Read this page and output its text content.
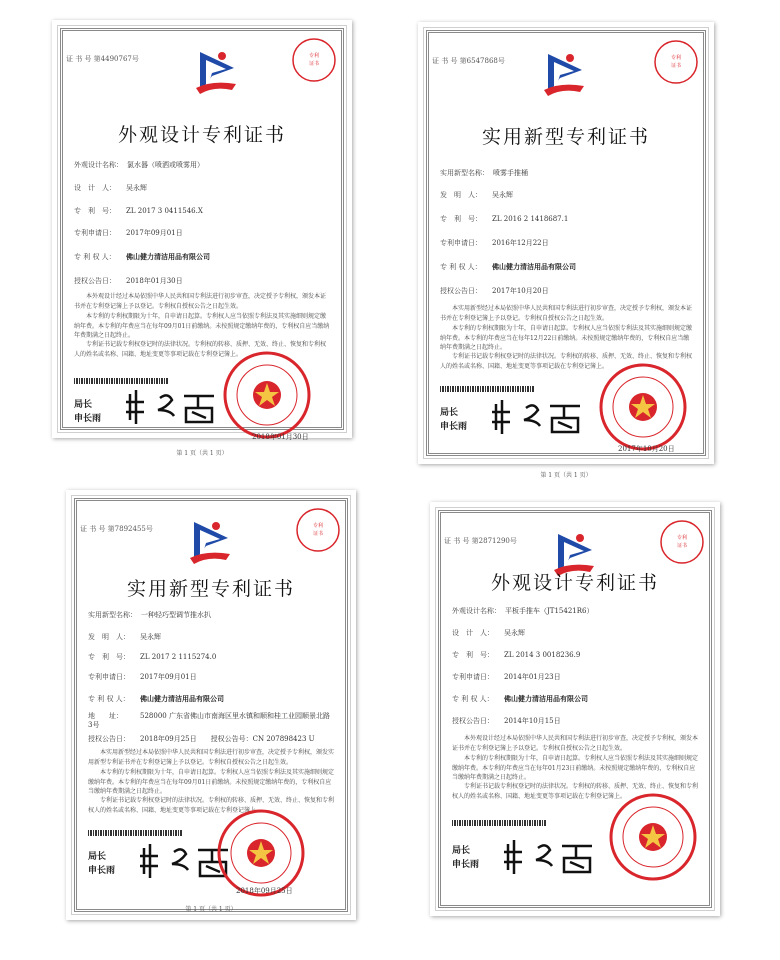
证 书 号 第4490767号	专利
证书
外观设计专利证书
外观设计名称： 氯水器（喷洒或喷雾用）
设　计　人： 吴永辉
专　利　号： ZL 2017 3 0411546.X
专利申请日： 2017年09月01日
专 利 权 人： 佛山健力清洁用品有限公司
授权公告日： 2018年01月30日

本外观设计经过本局依照中华人民共和国专利法进行初步审查，决定授予专利权，颁发本证书并在专利登记簿上予以登记。专利权自授权公告之日起生效。

本专利的专利权期限为十年，自申请日起算。专利权人应当依照专利法及其实施细则规定缴纳年费。本专利的年费应当在每年09月01日前缴纳。未按照规定缴纳年费的，专利权自应当缴纳年费期满之日起终止。

专利证书记载专利权登记时的法律状况。专利权的转移、质押、无效、终止、恢复和专利权人的姓名或名称、国籍、地址变更等事项记载在专利登记簿上。

局长
申长雨
2018年01月30日
第 1 页（共 1 页）
证 书 号 第6547868号	专利
证书
实用新型专利证书
实用新型名称： 喷雾手推桶
发　明　人： 吴永辉
专　利　号： ZL 2016 2 1418687.1
专利申请日： 2016年12月22日
专 利 权 人： 佛山健力清洁用品有限公司
授权公告日： 2017年10月20日

本实用新型经过本局依照中华人民共和国专利法进行初步审查，决定授予专利权，颁发本证书并在专利登记簿上予以登记。专利权自授权公告之日起生效。

本专利的专利权期限为十年，自申请日起算。专利权人应当依照专利法及其实施细则规定缴纳年费。本专利的年费应当在每年12月22日前缴纳。未按照规定缴纳年费的，专利权自应当缴纳年费期满之日起终止。

专利证书记载专利权登记时的法律状况。专利权的转移、质押、无效、终止、恢复和专利权人的姓名或名称、国籍、地址变更等事项记载在专利登记簿上。

局长
申长雨
2017年10月20日
第 1 页（共 1 页）
证 书 号 第7892455号	专利
证书
实用新型专利证书
实用新型名称： 一种轻巧型调节推水扒
发　明　人： 吴永辉
专　利　号： ZL 2017 2 1115274.0
专利申请日： 2017年09月01日
专 利 权 人： 佛山健力清洁用品有限公司
地　　址： 528000 广东省佛山市南海区里水镇和顺和桂工业园顺景北路3号
授权公告日： 2018年09月25日　　授权公告号：CN 207898423 U

本实用新型经过本局依照中华人民共和国专利法进行初步审查，决定授予专利权，颁发实用新型专利证书并在专利登记簿上予以登记。专利权自授权公告之日起生效。

本专利的专利权期限为十年，自申请日起算。专利权人应当依照专利法及其实施细则规定缴纳年费。本专利的年费应当在每年09月01日前缴纳。未按照规定缴纳年费的，专利权自应当缴纳年费期满之日起终止。

专利证书记载专利权登记时的法律状况。专利权的转移、质押、无效、终止、恢复和专利权人的姓名或名称、国籍、地址变更等事项记载在专利登记簿上。

局长
申长雨
2018年09月25日
第 1 页（共 1 页）
证 书 号 第2871290号	专利
证书
外观设计专利证书
外观设计名称： 平板手推车（JT15421R6）
设　计　人： 吴永辉
专　利　号： ZL 2014 3 0018236.9
专利申请日： 2014年01月23日
专 利 权 人： 佛山健力清洁用品有限公司
授权公告日： 2014年10月15日

本外观设计经过本局依照中华人民共和国专利法进行初步审查，决定授予专利权，颁发本证书并在专利登记簿上予以登记。专利权自授权公告之日起生效。

本专利的专利权期限为十年，自申请日起算。专利权人应当依照专利法及其实施细则规定缴纳年费。本专利的年费应当在每年01月23日前缴纳。未按照规定缴纳年费的，专利权自应当缴纳年费期满之日起终止。

专利证书记载专利权登记时的法律状况。专利权的转移、质押、无效、终止、恢复和专利权人的姓名或名称、国籍、地址变更等事项记载在专利登记簿上。

局长
申长雨
